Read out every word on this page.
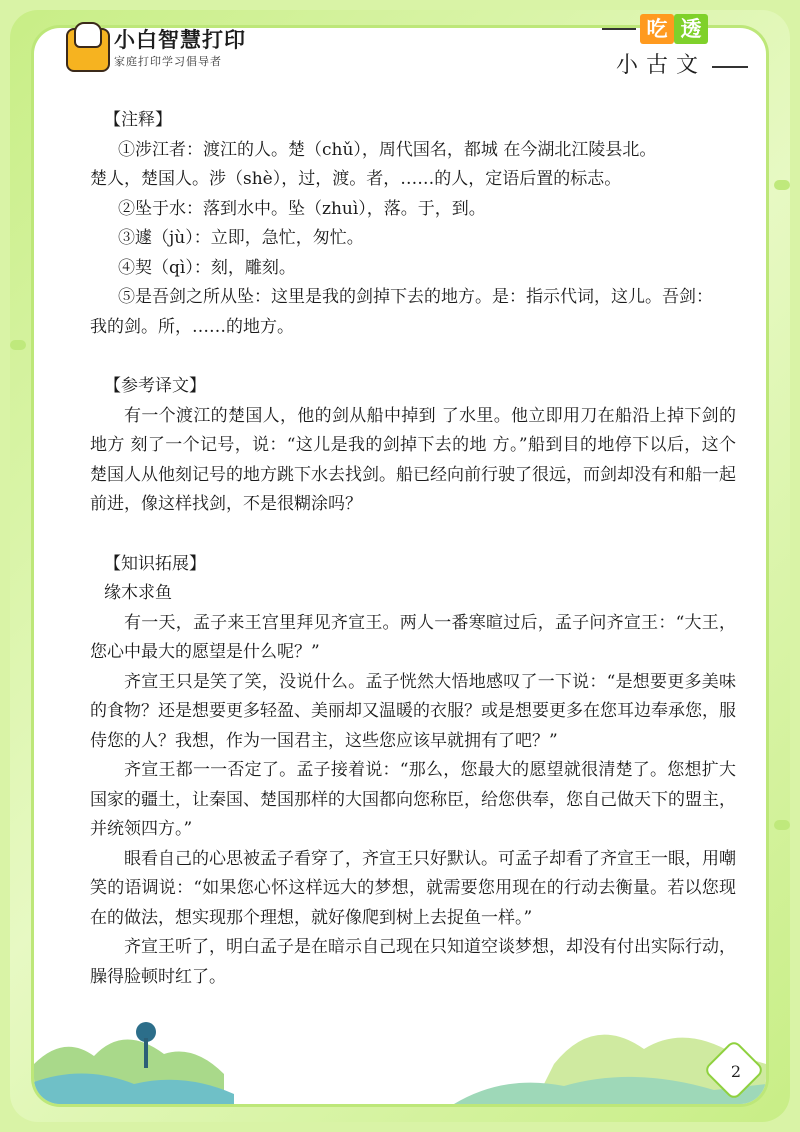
小白智慧打印
家庭打印学习倡导者
吃 透
小古文

【注释】

①涉江者：渡江的人。楚（chǔ），周代国名，都城 在今湖北江陵县北。

楚人，楚国人。涉（shè），过，渡。者，……的人，定语后置的标志。

②坠于水：落到水中。坠（zhuì），落。于，到。

③遽（jù）：立即，急忙，匆忙。

④契（qì）：刻，雕刻。

⑤是吾剑之所从坠：这里是我的剑掉下去的地方。是：指示代词，这儿。吾剑：

我的剑。所，……的地方。

【参考译文】

有一个渡江的楚国人，他的剑从船中掉到 了水里。他立即用刀在船沿上掉下剑的地方 刻了一个记号，说：“这儿是我的剑掉下去的地 方。”船到目的地停下以后，这个楚国人从他刻记号的地方跳下水去找剑。船已经向前行驶了很远，而剑却没有和船一起前进，像这样找剑，不是很糊涂吗？

【知识拓展】

缘木求鱼

有一天，孟子来王宫里拜见齐宣王。两人一番寒暄过后，孟子问齐宣王：“大王，您心中最大的愿望是什么呢？”

齐宣王只是笑了笑，没说什么。孟子恍然大悟地感叹了一下说：“是想要更多美味的食物？还是想要更多轻盈、美丽却又温暖的衣服？或是想要更多在您耳边奉承您，服侍您的人？我想，作为一国君主，这些您应该早就拥有了吧？”

齐宣王都一一否定了。孟子接着说：“那么，您最大的愿望就很清楚了。您想扩大国家的疆土，让秦国、楚国那样的大国都向您称臣，给您供奉，您自己做天下的盟主，并统领四方。”

眼看自己的心思被孟子看穿了，齐宣王只好默认。可孟子却看了齐宣王一眼，用嘲笑的语调说：“如果您心怀这样远大的梦想，就需要您用现在的行动去衡量。若以您现在的做法，想实现那个理想，就好像爬到树上去捉鱼一样。”

齐宣王听了，明白孟子是在暗示自己现在只知道空谈梦想，却没有付出实际行动，臊得脸顿时红了。

2
